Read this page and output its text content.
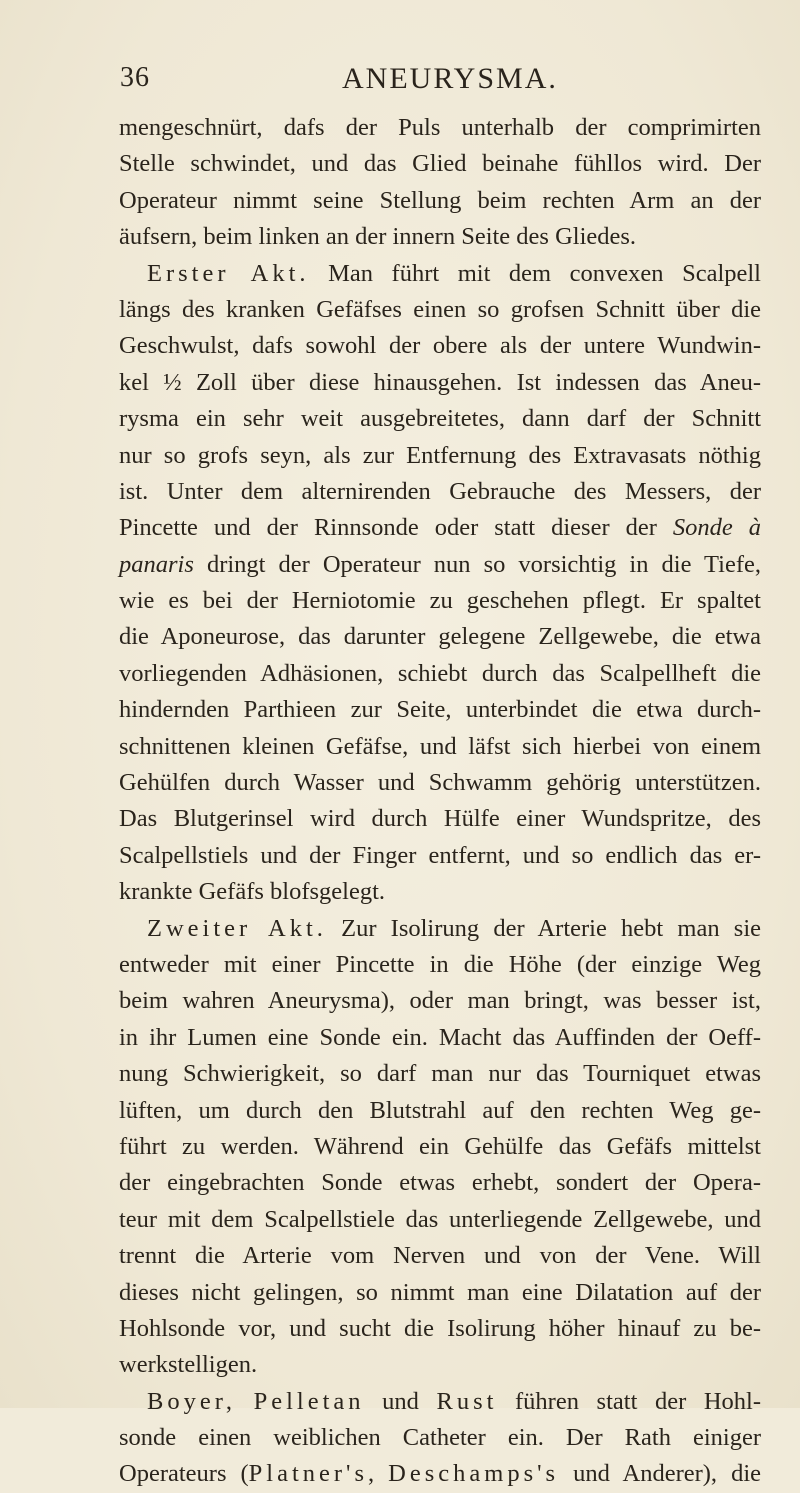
36	ANEURYSMA.
mengeschnürt, dafs der Puls unterhalb der comprimirten
Stelle schwindet, und das Glied beinahe fühllos wird. Der
Operateur nimmt seine Stellung beim rechten Arm an der
äufsern, beim linken an der innern Seite des Gliedes.
Erster Akt. Man führt mit dem convexen Scalpell
längs des kranken Gefäfses einen so grofsen Schnitt über die
Geschwulst, dafs sowohl der obere als der untere Wundwin-
kel ½ Zoll über diese hinausgehen. Ist indessen das Aneu-
rysma ein sehr weit ausgebreitetes, dann darf der Schnitt
nur so grofs seyn, als zur Entfernung des Extravasats nöthig
ist. Unter dem alternirenden Gebrauche des Messers, der
Pincette und der Rinnsonde oder statt dieser der Sonde à
panaris dringt der Operateur nun so vorsichtig in die Tiefe,
wie es bei der Herniotomie zu geschehen pflegt. Er spaltet
die Aponeurose, das darunter gelegene Zellgewebe, die etwa
vorliegenden Adhäsionen, schiebt durch das Scalpellheft die
hindernden Parthieen zur Seite, unterbindet die etwa durch-
schnittenen kleinen Gefäfse, und läfst sich hierbei von einem
Gehülfen durch Wasser und Schwamm gehörig unterstützen.
Das Blutgerinsel wird durch Hülfe einer Wundspritze, des
Scalpellstiels und der Finger entfernt, und so endlich das er-
krankte Gefäfs blofsgelegt.
Zweiter Akt. Zur Isolirung der Arterie hebt man sie
entweder mit einer Pincette in die Höhe (der einzige Weg
beim wahren Aneurysma), oder man bringt, was besser ist,
in ihr Lumen eine Sonde ein. Macht das Auffinden der Oeff-
nung Schwierigkeit, so darf man nur das Tourniquet etwas
lüften, um durch den Blutstrahl auf den rechten Weg ge-
führt zu werden. Während ein Gehülfe das Gefäfs mittelst
der eingebrachten Sonde etwas erhebt, sondert der Opera-
teur mit dem Scalpellstiele das unterliegende Zellgewebe, und
trennt die Arterie vom Nerven und von der Vene. Will
dieses nicht gelingen, so nimmt man eine Dilatation auf der
Hohlsonde vor, und sucht die Isolirung höher hinauf zu be-
werkstelligen.
Boyer, Pelletan und Rust führen statt der Hohl-
sonde einen weiblichen Catheter ein. Der Rath einiger
Operateurs (Platner's, Deschamps's und Anderer), die
